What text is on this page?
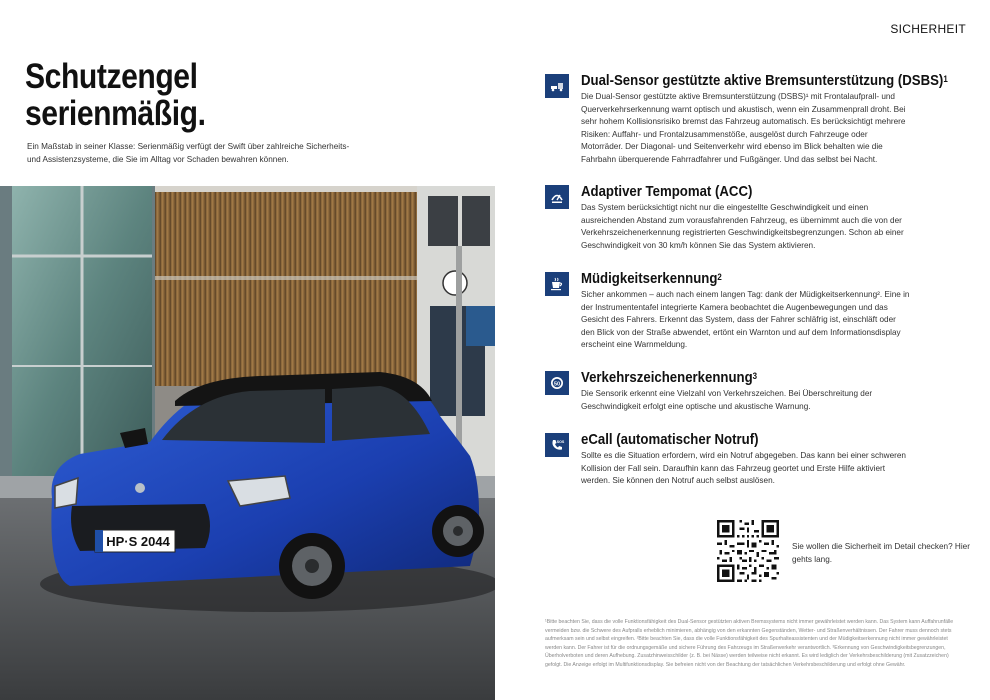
SICHERHEIT
Schutzengel
serienmäßig.

Ein Maßstab in seiner Klasse: Serienmäßig verfügt der Swift über zahlreiche Sicherheits- und Assistenzsysteme, die Sie im Alltag vor Schaden bewahren können.

HP·S 2044
Dual-Sensor gestützte aktive Bremsunterstützung (DSBS)$^1$

Die Dual-Sensor gestützte aktive Bremsunterstützung (DSBS)¹ mit Frontalaufprall- und Querverkehrserkennung warnt optisch und akustisch, wenn ein Zusammenprall droht. Bei sehr hohem Kollisionsrisiko bremst das Fahrzeug automatisch. Es berücksichtigt mehrere Risiken: Auffahr- und Frontalzusammenstöße, ausgelöst durch Fahrzeuge oder Motorräder. Der Diagonal- und Seitenverkehr wird ebenso im Blick behalten wie die Fahrbahn überquerende Fahrradfahrer und Fußgänger. Und das selbst bei Nacht.

Adaptiver Tempomat (ACC)

Das System berücksichtigt nicht nur die eingestellte Geschwindigkeit und einen ausreichenden Abstand zum vorausfahrenden Fahrzeug, es übernimmt auch die von der Verkehrszeichenerkennung registrierten Geschwindigkeitsbegrenzungen. Schon ab einer Geschwindigkeit von 30 km/h können Sie das System aktivieren.

Müdigkeitserkennung$^2$

Sicher ankommen – auch nach einem langen Tag: dank der Müdigkeitserkennung². Eine in der Instrumententafel integrierte Kamera beobachtet die Augenbewegungen und das Gesicht des Fahrers. Erkennt das System, dass der Fahrer schläfrig ist, einschläft oder den Blick von der Straße abwendet, ertönt ein Warnton und auf dem Informationsdisplay erscheint eine Warnmeldung.

50 Verkehrszeichenerkennung$^3$

Die Sensorik erkennt eine Vielzahl von Verkehrszeichen. Bei Überschreitung der Geschwindigkeit erfolgt eine optische und akustische Warnung.

SOS eCall (automatischer Notruf)

Sollte es die Situation erfordern, wird ein Notruf abgegeben. Das kann bei einer schweren Kollision der Fall sein. Daraufhin kann das Fahrzeug geortet und Erste Hilfe aktiviert werden. Sie können den Notruf auch selbst auslösen.

Sie wollen die Sicherheit im Detail checken? Hier gehts lang.

¹Bitte beachten Sie, dass die volle Funktionsfähigkeit des Dual-Sensor gestützten aktiven Bremssystems nicht immer gewährleistet werden kann. Das System kann Auffahrunfälle vermeiden bzw. die Schwere des Aufpralls erheblich minimieren, abhängig von den erkannten Gegenständen, Wetter- und Straßenverhältnissen. Der Fahrer muss dennoch stets aufmerksam sein und selbst eingreifen. ²Bitte beachten Sie, dass die volle Funktionsfähigkeit des Spurhalteassistenten und der Müdigkeitserkennung nicht immer gewährleistet werden kann. Der Fahrer ist für die ordnungsgemäße und sichere Führung des Fahrzeugs im Straßenverkehr verantwortlich. ³Erkennung von Geschwindigkeitsbegrenzungen, Überholverboten und deren Aufhebung. Zusatzhinweisschilder (z. B. bei Nässe) werden teilweise nicht erkannt. Es wird lediglich der Verkehrsbeschilderung (mit Zusatzzeichen) gefolgt. Die Anzeige erfolgt im Multifunktionsdisplay. Sie befreien nicht von der Beachtung der tatsächlichen Verkehrsbeschilderung und erfolgt ohne Gewähr.
